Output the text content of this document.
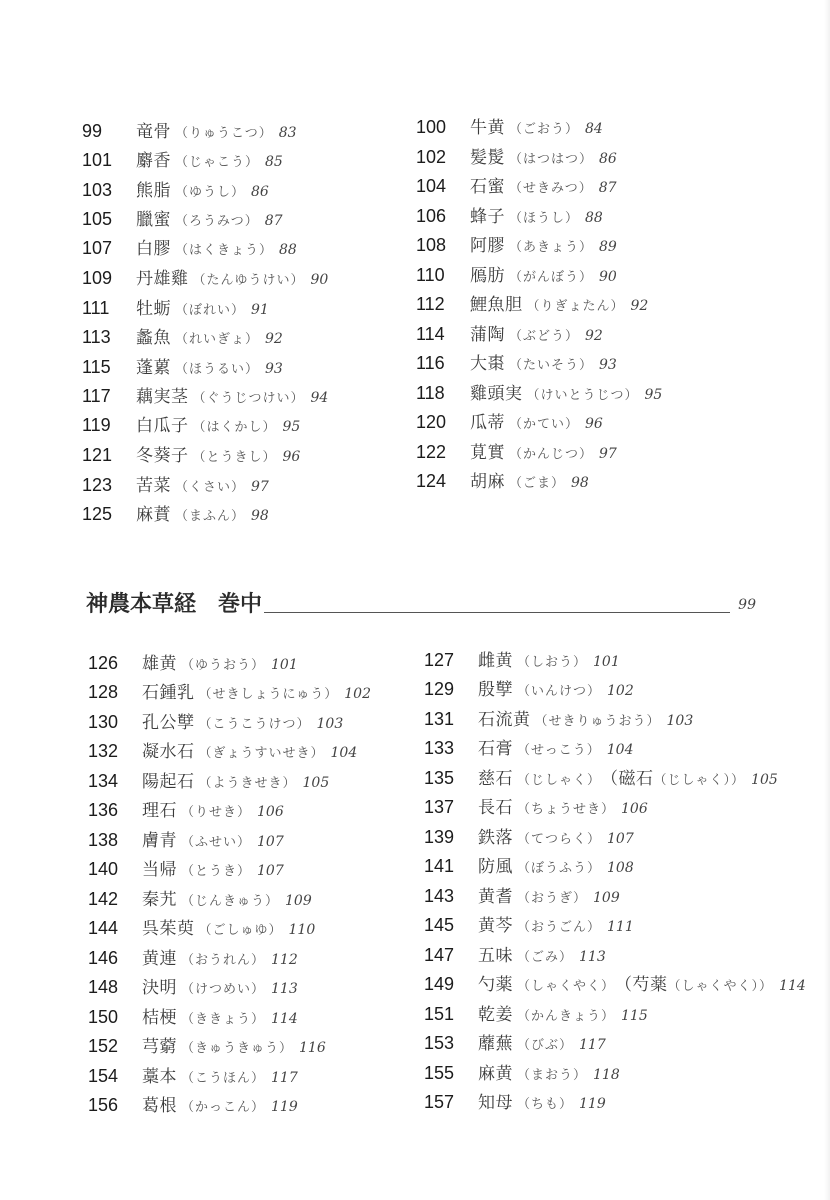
99	竜骨 （りゅうこつ） 83
101	麝香 （じゃこう） 85
103	熊脂 （ゆうし） 86
105	臘蜜 （ろうみつ） 87
107	白膠 （はくきょう） 88
109	丹雄雞 （たんゆうけい） 90
111	牡蛎 （ぼれい） 91
113	蠡魚 （れいぎょ） 92
115	蓬蔂 （ほうるい） 93
117	藕実茎 （ぐうじつけい） 94
119	白瓜子 （はくかし） 95
121	冬葵子 （とうきし） 96
123	苦菜 （くさい） 97
125	麻蕡 （まふん） 98
100	牛黄 （ごおう） 84
102	髪髲 （はつはつ） 86
104	石蜜 （せきみつ） 87
106	蜂子 （ほうし） 88
108	阿膠 （あきょう） 89
110	鴈肪 （がんぼう） 90
112	鯉魚胆 （りぎょたん） 92
114	蒲陶 （ぶどう） 92
116	大棗 （たいそう） 93
118	雞頭実 （けいとうじつ） 95
120	瓜蒂 （かてい） 96
122	莧實 （かんじつ） 97
124	胡麻 （ごま） 98
神農本草経　巻中	99
126	雄黄 （ゆうおう） 101
128	石鍾乳 （せきしょうにゅう） 102
130	孔公孼 （こうこうけつ） 103
132	凝水石 （ぎょうすいせき） 104
134	陽起石 （ようきせき） 105
136	理石 （りせき） 106
138	膚青 （ふせい） 107
140	当帰 （とうき） 107
142	秦艽 （じんきゅう） 109
144	呉茱萸 （ごしゅゆ） 110
146	黄連 （おうれん） 112
148	決明 （けつめい） 113
150	桔梗 （ききょう） 114
152	芎藭 （きゅうきゅう） 116
154	藁本 （こうほん） 117
156	葛根 （かっこん） 119
127	雌黄 （しおう） 101
129	殷孼 （いんけつ） 102
131	石流黄 （せきりゅうおう） 103
133	石膏 （せっこう） 104
135	慈石 （じしゃく） （磁石 （じしゃく）） 105
137	長石 （ちょうせき） 106
139	鉄落 （てつらく） 107
141	防風 （ぼうふう） 108
143	黄耆 （おうぎ） 109
145	黄芩 （おうごん） 111
147	五味 （ごみ） 113
149	勺薬 （しゃくやく） （芍薬 （しゃくやく）） 114
151	乾姜 （かんきょう） 115
153	蘼蕪 （びぶ） 117
155	麻黄 （まおう） 118
157	知母 （ちも） 119
